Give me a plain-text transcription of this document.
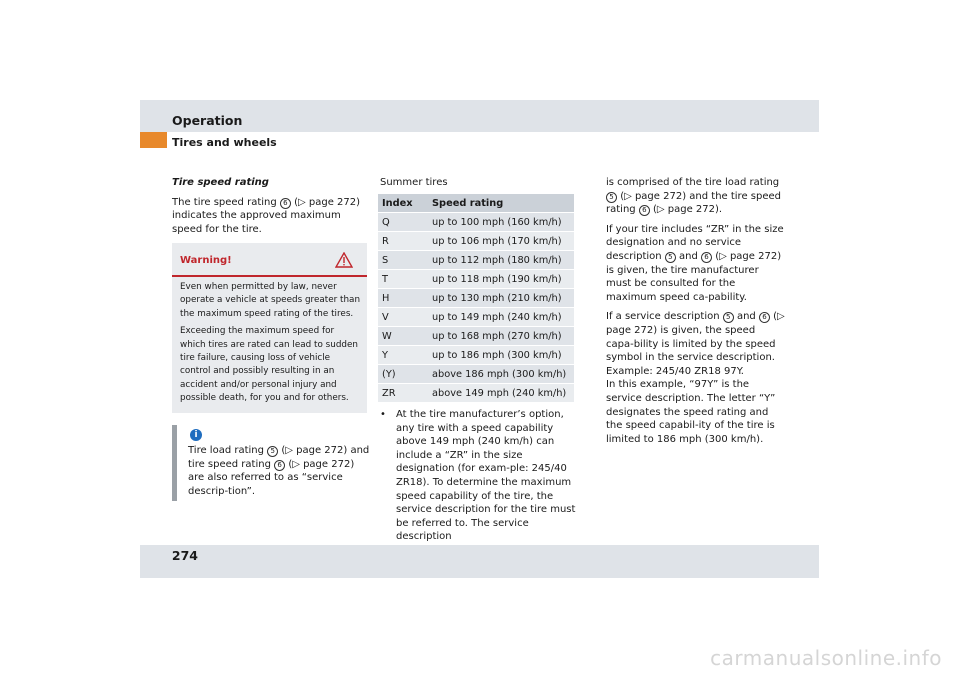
Operation
Tires and wheels

Tire speed rating

The tire speed rating 6 (▷ page 272) indicates the approved maximum speed for the tire.

Warning!

Even when permitted by law, never operate a vehicle at speeds greater than the maximum speed rating of the tires.

Exceeding the maximum speed for which tires are rated can lead to sudden tire failure, causing loss of vehicle control and possibly resulting in an accident and/or personal injury and possible death, for you and for others.

i
Tire load rating 5 (▷ page 272) and tire speed rating 6 (▷ page 272) are also referred to as “service descrip-tion”.
Summer tires
Index	Speed rating
Q	up to 100 mph (160 km/h)
R	up to 106 mph (170 km/h)
S	up to 112 mph (180 km/h)
T	up to 118 mph (190 km/h)
H	up to 130 mph (210 km/h)
V	up to 149 mph (240 km/h)
W	up to 168 mph (270 km/h)
Y	up to 186 mph (300 km/h)
(Y)	above 186 mph (300 km/h)
ZR	above 149 mph (240 km/h)
• At the tire manufacturer’s option, any tire with a speed capability above 149 mph (240 km/h) can include a “ZR” in the size designation (for exam-ple: 245/40 ZR18). To determine the maximum speed capability of the tire, the service description for the tire must be referred to. The service description

is comprised of the tire load rating 5 (▷ page 272) and the tire speed rating 6 (▷ page 272).

If your tire includes “ZR” in the size designation and no service description 5 and 6 (▷ page 272) is given, the tire manufacturer must be consulted for the maximum speed ca-pability.

If a service description 5 and 6 (▷ page 272) is given, the speed capa-bility is limited by the speed symbol in the service description.
Example: 245/40 ZR18 97Y.
In this example, “97Y” is the service description. The letter “Y” designates the speed rating and the speed capabil-ity of the tire is limited to 186 mph (300 km/h).

274
carmanualsonline.info
